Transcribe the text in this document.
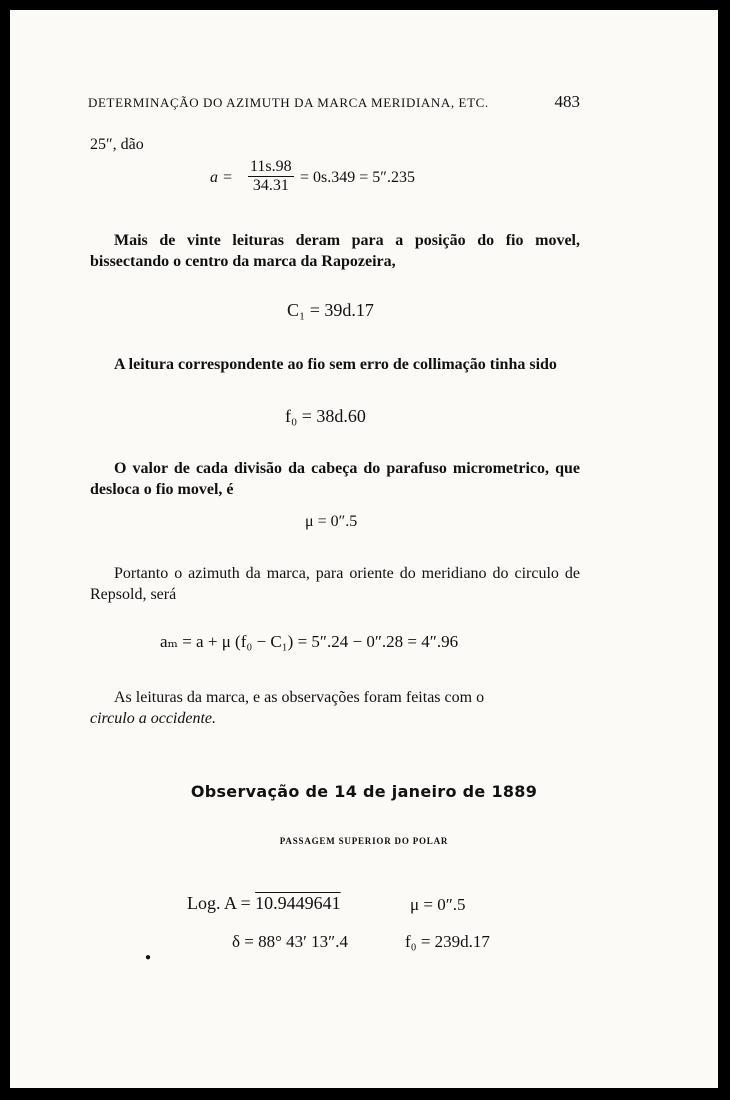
DETERMINAÇÃO DO AZIMUTH DA MARCA MERIDIANA, ETC.	483
25″, dão
$a = \frac{11s.98}{34.31} = 0s.349 = 5''.235$
Mais de vinte leituras deram para a posição do fio movel, bissectando o centro da marca da Rapozeira,
C₁ = 39d.17
A leitura correspondente ao fio sem erro de collimação tinha sido
f₀ = 38d.60
O valor de cada divisão da cabeça do parafuso micrometrico, que desloca o fio movel, é
μ = 0″.5
Portanto o azimuth da marca, para oriente do meridiano do circulo de Repsold, será
aₘ = a + μ (f₀ − C₁) = 5″.24 − 0″.28 = 4″.96
As leituras da marca, e as observações foram feitas com o
circulo a occidente.
Observação de 14 de janeiro de 1889
PASSAGEM SUPERIOR DO POLAR
Log. A = 10.9449641	μ = 0″.5
δ = 88° 43′ 13″.4	f₀ = 239d.17
●
